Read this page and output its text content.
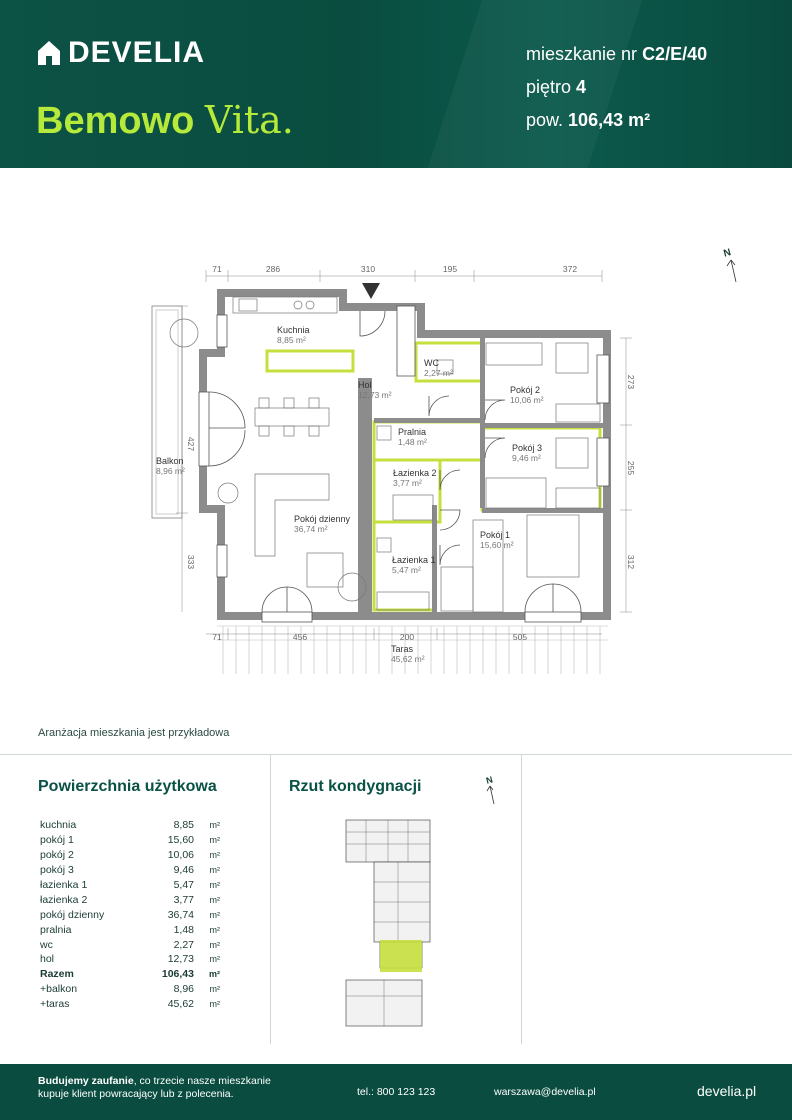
DEVELIA
Bemowo Vita.
mieszkanie nr C2/E/40
piętro 4
pow. 106,43 m²
71	286	310	195	372
71	456	200	505
427
333
273
255
312
N
Kuchnia
8,85 m²
Hol
12,73 m²
WC
2,27 m²
Pokój 2
10,06 m²
Pralnia
1,48 m²
Pokój 3
9,46 m²
Łazienka 2
3,77 m²
Balkon
8,96 m²
Pokój dzienny
36,74 m²
Pokój 1
15,60 m²
Łazienka 1
5,47 m²
Taras
45,62 m²
Aranżacja mieszkania jest przykładowa
Powierzchnia użytkowa
kuchnia	8,85	m²
pokój 1	15,60	m²
pokój 2	10,06	m²
pokój 3	9,46	m²
łazienka 1	5,47	m²
łazienka 2	3,77	m²
pokój dzienny	36,74	m²
pralnia	1,48	m²
wc	2,27	m²
hol	12,73	m²
Razem	106,43	m²
+balkon	8,96	m²
+taras	45,62	m²
Rzut kondygnacji	N
Budujemy zaufanie, co trzecie nasze mieszkanie
kupuje klient powracający lub z polecenia.	tel.: 800 123 123	warszawa@develia.pl	develia.pl
